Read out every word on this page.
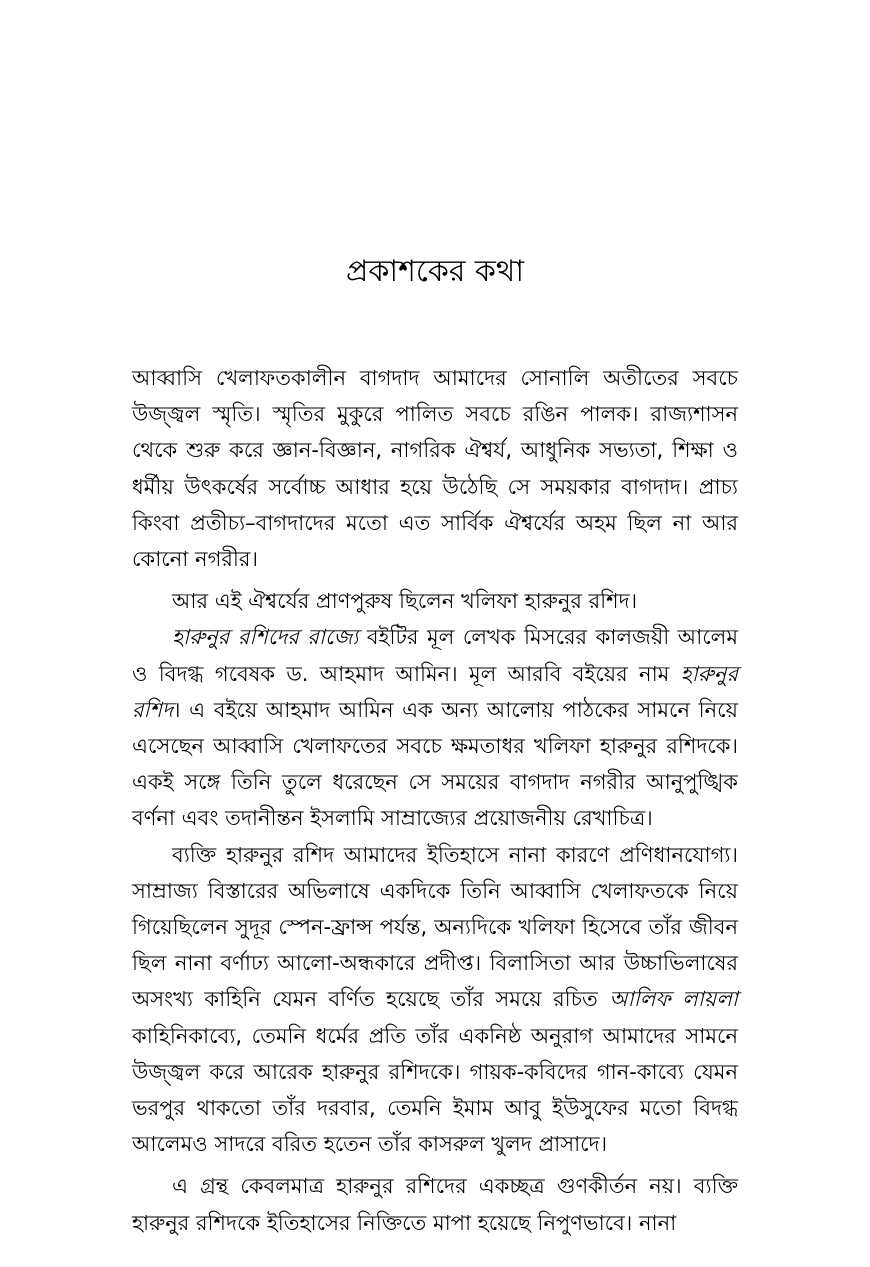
প্রকাশকের কথা

আব্বাসি খেলাফতকালীন বাগদাদ আমাদের সোনালি অতীতের সবচে উজ্জ্বল স্মৃতি। স্মৃতির মুকুরে পালিত সবচে রঙিন পালক। রাজ্যশাসন থেকে শুরু করে জ্ঞান-বিজ্ঞান, নাগরিক ঐশ্বর্য, আধুনিক সভ্যতা, শিক্ষা ও ধর্মীয় উৎকর্ষের সর্বোচ্চ আধার হয়ে উঠেছি সে সময়কার বাগদাদ। প্রাচ্য কিংবা প্রতীচ্য–বাগদাদের মতো এত সার্বিক ঐশ্বর্যের অহম ছিল না আর কোনো নগরীর।

আর এই ঐশ্বর্যের প্রাণপুরুষ ছিলেন খলিফা হারুনুর রশিদ।

হারুনুর রশিদের রাজ্যে বইটির মূল লেখক মিসরের কালজয়ী আলেম ও বিদগ্ধ গবেষক ড. আহমাদ আমিন। মূল আরবি বইয়ের নাম হারুনুর রশিদ। এ বইয়ে আহমাদ আমিন এক অন্য আলোয় পাঠকের সামনে নিয়ে এসেছেন আব্বাসি খেলাফতের সবচে ক্ষমতাধর খলিফা হারুনুর রশিদকে। একই সঙ্গে তিনি তুলে ধরেছেন সে সময়ের বাগদাদ নগরীর আনুপুঙ্খিক বর্ণনা এবং তদানীন্তন ইসলামি সাম্রাজ্যের প্রয়োজনীয় রেখাচিত্র।

ব্যক্তি হারুনুর রশিদ আমাদের ইতিহাসে নানা কারণে প্রণিধানযোগ্য। সাম্রাজ্য বিস্তারের অভিলাষে একদিকে তিনি আব্বাসি খেলাফতকে নিয়ে গিয়েছিলেন সুদূর স্পেন-ফ্রান্স পর্যন্ত, অন্যদিকে খলিফা হিসেবে তাঁর জীবন ছিল নানা বর্ণাঢ্য আলো-অন্ধকারে প্রদীপ্ত। বিলাসিতা আর উচ্চাভিলাষের অসংখ্য কাহিনি যেমন বর্ণিত হয়েছে তাঁর সময়ে রচিত আলিফ লায়লা কাহিনিকাব্যে, তেমনি ধর্মের প্রতি তাঁর একনিষ্ঠ অনুরাগ আমাদের সামনে উজ্জ্বল করে আরেক হারুনুর রশিদকে। গায়ক-কবিদের গান-কাব্যে যেমন ভরপুর থাকতো তাঁর দরবার, তেমনি ইমাম আবু ইউসুফের মতো বিদগ্ধ আলেমও সাদরে বরিত হতেন তাঁর কাসরুল খুলদ প্রাসাদে।

এ গ্রন্থ কেবলমাত্র হারুনুর রশিদের একচ্ছত্র গুণকীর্তন নয়। ব্যক্তি হারুনুর রশিদকে ইতিহাসের নিক্তিতে মাপা হয়েছে নিপুণভাবে। নানা
